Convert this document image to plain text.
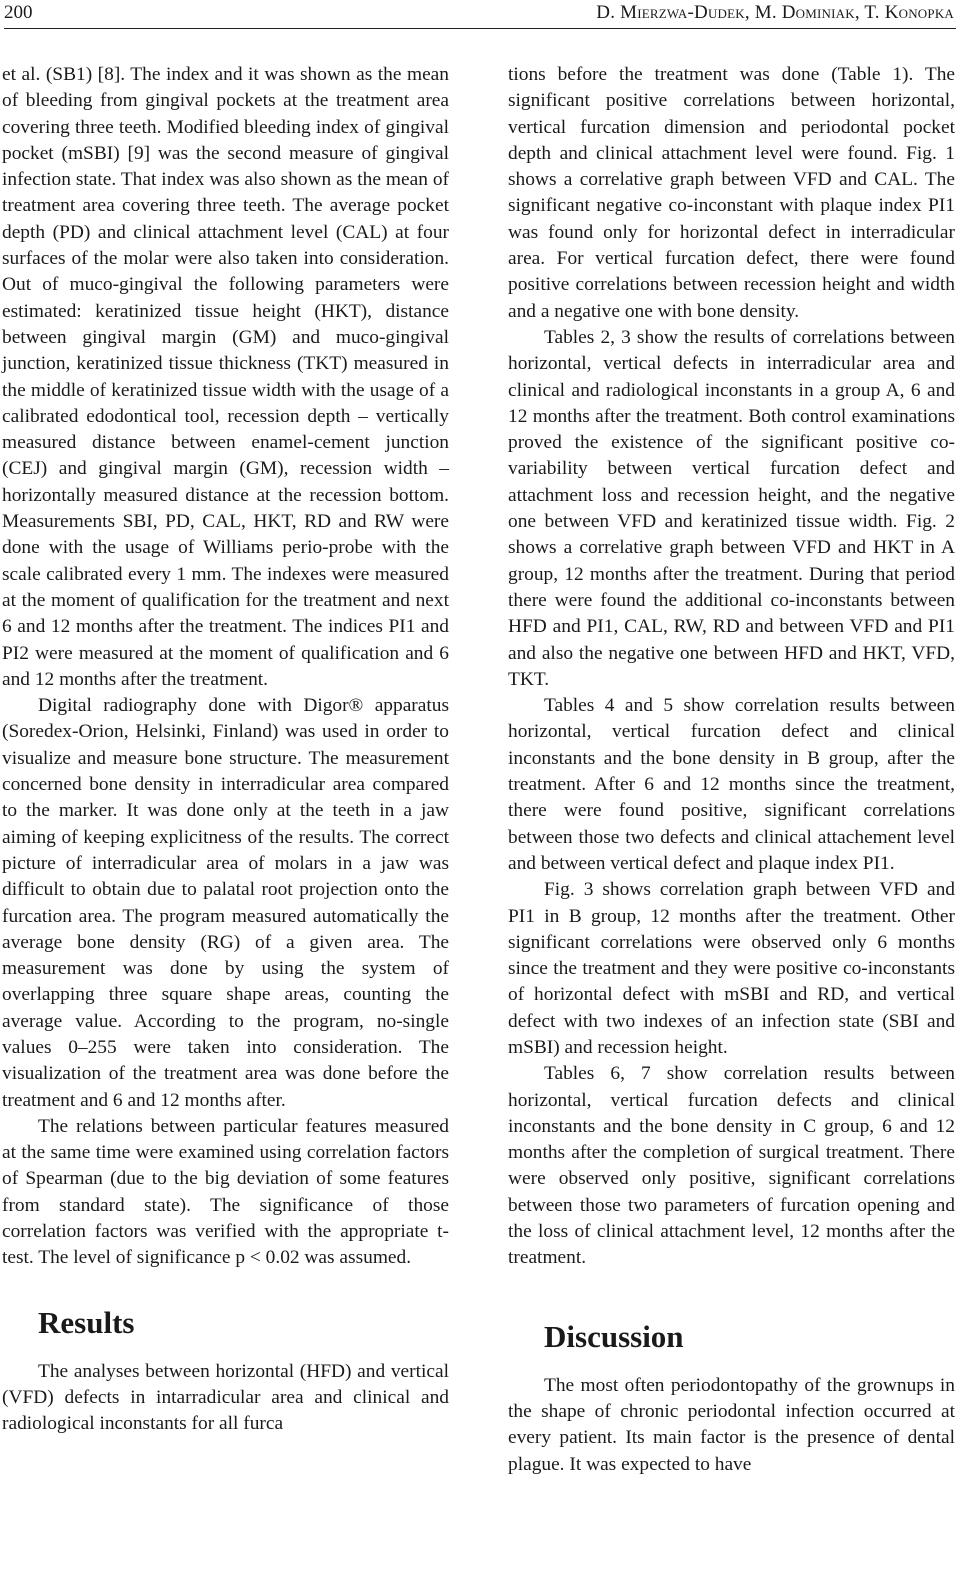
200	D. Mierzwa-Dudek, M. Dominiak, T. Konopka

et al. (SB1) [8]. The index and it was shown as the mean of bleeding from gingival pockets at the treatment area covering three teeth. Modified bleeding index of gingival pocket (mSBI) [9] was the second measure of gingival infection state. That index was also shown as the mean of treatment area covering three teeth. The average pocket depth (PD) and clinical attachment level (CAL) at four surfaces of the molar were also taken into consideration. Out of muco-gingival the following parameters were estimated: keratinized tissue height (HKT), distance between gingival margin (GM) and muco-gingival junction, keratinized tissue thickness (TKT) measured in the middle of keratinized tissue width with the usage of a calibrated edodontical tool, recession depth – vertically measured distance between enamel-cement junction (CEJ) and gingival margin (GM), recession width – horizontally measured distance at the recession bottom. Measurements SBI, PD, CAL, HKT, RD and RW were done with the usage of Williams perio-probe with the scale calibrated every 1 mm. The indexes were measured at the moment of qualification for the treatment and next 6 and 12 months after the treatment. The indices PI1 and PI2 were measured at the moment of qualification and 6 and 12 months after the treatment.

Digital radiography done with Digor® apparatus (Soredex-Orion, Helsinki, Finland) was used in order to visualize and measure bone structure. The measurement concerned bone density in interradicular area compared to the marker. It was done only at the teeth in a jaw aiming of keeping explicitness of the results. The correct picture of interradicular area of molars in a jaw was difficult to obtain due to palatal root projection onto the furcation area. The program measured automatically the average bone density (RG) of a given area. The measurement was done by using the system of overlapping three square shape areas, counting the average value. According to the program, no-single values 0–255 were taken into consideration. The visualization of the treatment area was done before the treatment and 6 and 12 months after.

The relations between particular features measured at the same time were examined using correlation factors of Spearman (due to the big deviation of some features from standard state). The significance of those correlation factors was verified with the appropriate t-test. The level of significance p < 0.02 was assumed.

Results

The analyses between horizontal (HFD) and vertical (VFD) defects in intarradicular area and clinical and radiological inconstants for all furca

tions before the treatment was done (Table 1). The significant positive correlations between horizontal, vertical furcation dimension and periodontal pocket depth and clinical attachment level were found. Fig. 1 shows a correlative graph between VFD and CAL. The significant negative co-inconstant with plaque index PI1 was found only for horizontal defect in interradicular area. For vertical furcation defect, there were found positive correlations between recession height and width and a negative one with bone density.

Tables 2, 3 show the results of correlations between horizontal, vertical defects in interradicular area and clinical and radiological inconstants in a group A, 6 and 12 months after the treatment. Both control examinations proved the existence of the significant positive co-variability between vertical furcation defect and attachment loss and recession height, and the negative one between VFD and keratinized tissue width. Fig. 2 shows a correlative graph between VFD and HKT in A group, 12 months after the treatment. During that period there were found the additional co-inconstants between HFD and PI1, CAL, RW, RD and between VFD and PI1 and also the negative one between HFD and HKT, VFD, TKT.

Tables 4 and 5 show correlation results between horizontal, vertical furcation defect and clinical inconstants and the bone density in B group, after the treatment. After 6 and 12 months since the treatment, there were found positive, significant correlations between those two defects and clinical attachement level and between vertical defect and plaque index PI1.

Fig. 3 shows correlation graph between VFD and PI1 in B group, 12 months after the treatment. Other significant correlations were observed only 6 months since the treatment and they were positive co-inconstants of horizontal defect with mSBI and RD, and vertical defect with two indexes of an infection state (SBI and mSBI) and recession height.

Tables 6, 7 show correlation results between horizontal, vertical furcation defects and clinical inconstants and the bone density in C group, 6 and 12 months after the completion of surgical treatment. There were observed only positive, significant correlations between those two parameters of furcation opening and the loss of clinical attachment level, 12 months after the treatment.

Discussion

The most often periodontopathy of the grownups in the shape of chronic periodontal infection occurred at every patient. Its main factor is the presence of dental plague. It was expected to have
